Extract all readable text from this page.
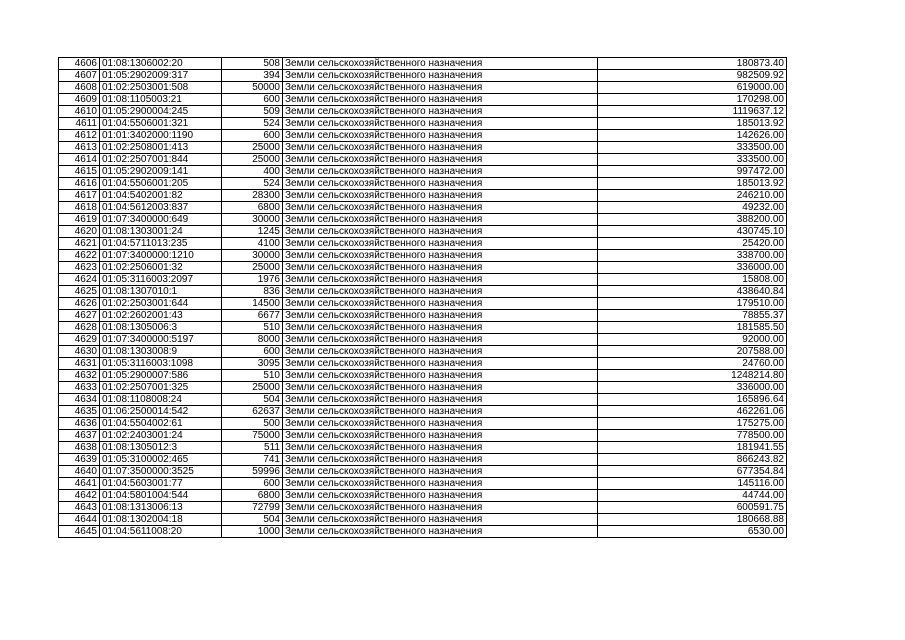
4606	01:08:1306002:20	508	Земли сельскохозяйственного назначения	180873.40
4607	01:05:2902009:317	394	Земли сельскохозяйственного назначения	982509.92
4608	01:02:2503001:508	50000	Земли сельскохозяйственного назначения	619000.00
4609	01:08:1105003:21	600	Земли сельскохозяйственного назначения	170298.00
4610	01:05:2900004:245	509	Земли сельскохозяйственного назначения	1119637.12
4611	01:04:5506001:321	524	Земли сельскохозяйственного назначения	185013.92
4612	01:01:3402000:1190	600	Земли сельскохозяйственного назначения	142626.00
4613	01:02:2508001:413	25000	Земли сельскохозяйственного назначения	333500.00
4614	01:02:2507001:844	25000	Земли сельскохозяйственного назначения	333500.00
4615	01:05:2902009:141	400	Земли сельскохозяйственного назначения	997472.00
4616	01:04:5506001:205	524	Земли сельскохозяйственного назначения	185013.92
4617	01:04:5402001:82	28300	Земли сельскохозяйственного назначения	246210.00
4618	01:04:5612003:837	6800	Земли сельскохозяйственного назначения	49232.00
4619	01:07:3400000:649	30000	Земли сельскохозяйственного назначения	388200.00
4620	01:08:1303001:24	1245	Земли сельскохозяйственного назначения	430745.10
4621	01:04:5711013:235	4100	Земли сельскохозяйственного назначения	25420.00
4622	01:07:3400000:1210	30000	Земли сельскохозяйственного назначения	338700.00
4623	01:02:2506001:32	25000	Земли сельскохозяйственного назначения	336000.00
4624	01:05:3116003:2097	1976	Земли сельскохозяйственного назначения	15808.00
4625	01:08:1307010:1	836	Земли сельскохозяйственного назначения	438640.84
4626	01:02:2503001:644	14500	Земли сельскохозяйственного назначения	179510.00
4627	01:02:2602001:43	6677	Земли сельскохозяйственного назначения	78855.37
4628	01:08:1305006:3	510	Земли сельскохозяйственного назначения	181585.50
4629	01:07:3400000:5197	8000	Земли сельскохозяйственного назначения	92000.00
4630	01:08:1303008:9	600	Земли сельскохозяйственного назначения	207588.00
4631	01:05:3116003:1098	3095	Земли сельскохозяйственного назначения	24760.00
4632	01:05:2900007:586	510	Земли сельскохозяйственного назначения	1248214.80
4633	01:02:2507001:325	25000	Земли сельскохозяйственного назначения	336000.00
4634	01:08:1108008:24	504	Земли сельскохозяйственного назначения	165896.64
4635	01:06:2500014:542	62637	Земли сельскохозяйственного назначения	462261.06
4636	01:04:5504002:61	500	Земли сельскохозяйственного назначения	175275.00
4637	01:02:2403001:24	75000	Земли сельскохозяйственного назначения	778500.00
4638	01:08:1305012:3	511	Земли сельскохозяйственного назначения	181941.55
4639	01:05:3100002:465	741	Земли сельскохозяйственного назначения	866243.82
4640	01:07:3500000:3525	59996	Земли сельскохозяйственного назначения	677354.84
4641	01:04:5603001:77	600	Земли сельскохозяйственного назначения	145116.00
4642	01:04:5801004:544	6800	Земли сельскохозяйственного назначения	44744.00
4643	01:08:1313006:13	72799	Земли сельскохозяйственного назначения	600591.75
4644	01:08:1302004:18	504	Земли сельскохозяйственного назначения	180668.88
4645	01:04:5611008:20	1000	Земли сельскохозяйственного назначения	6530.00
